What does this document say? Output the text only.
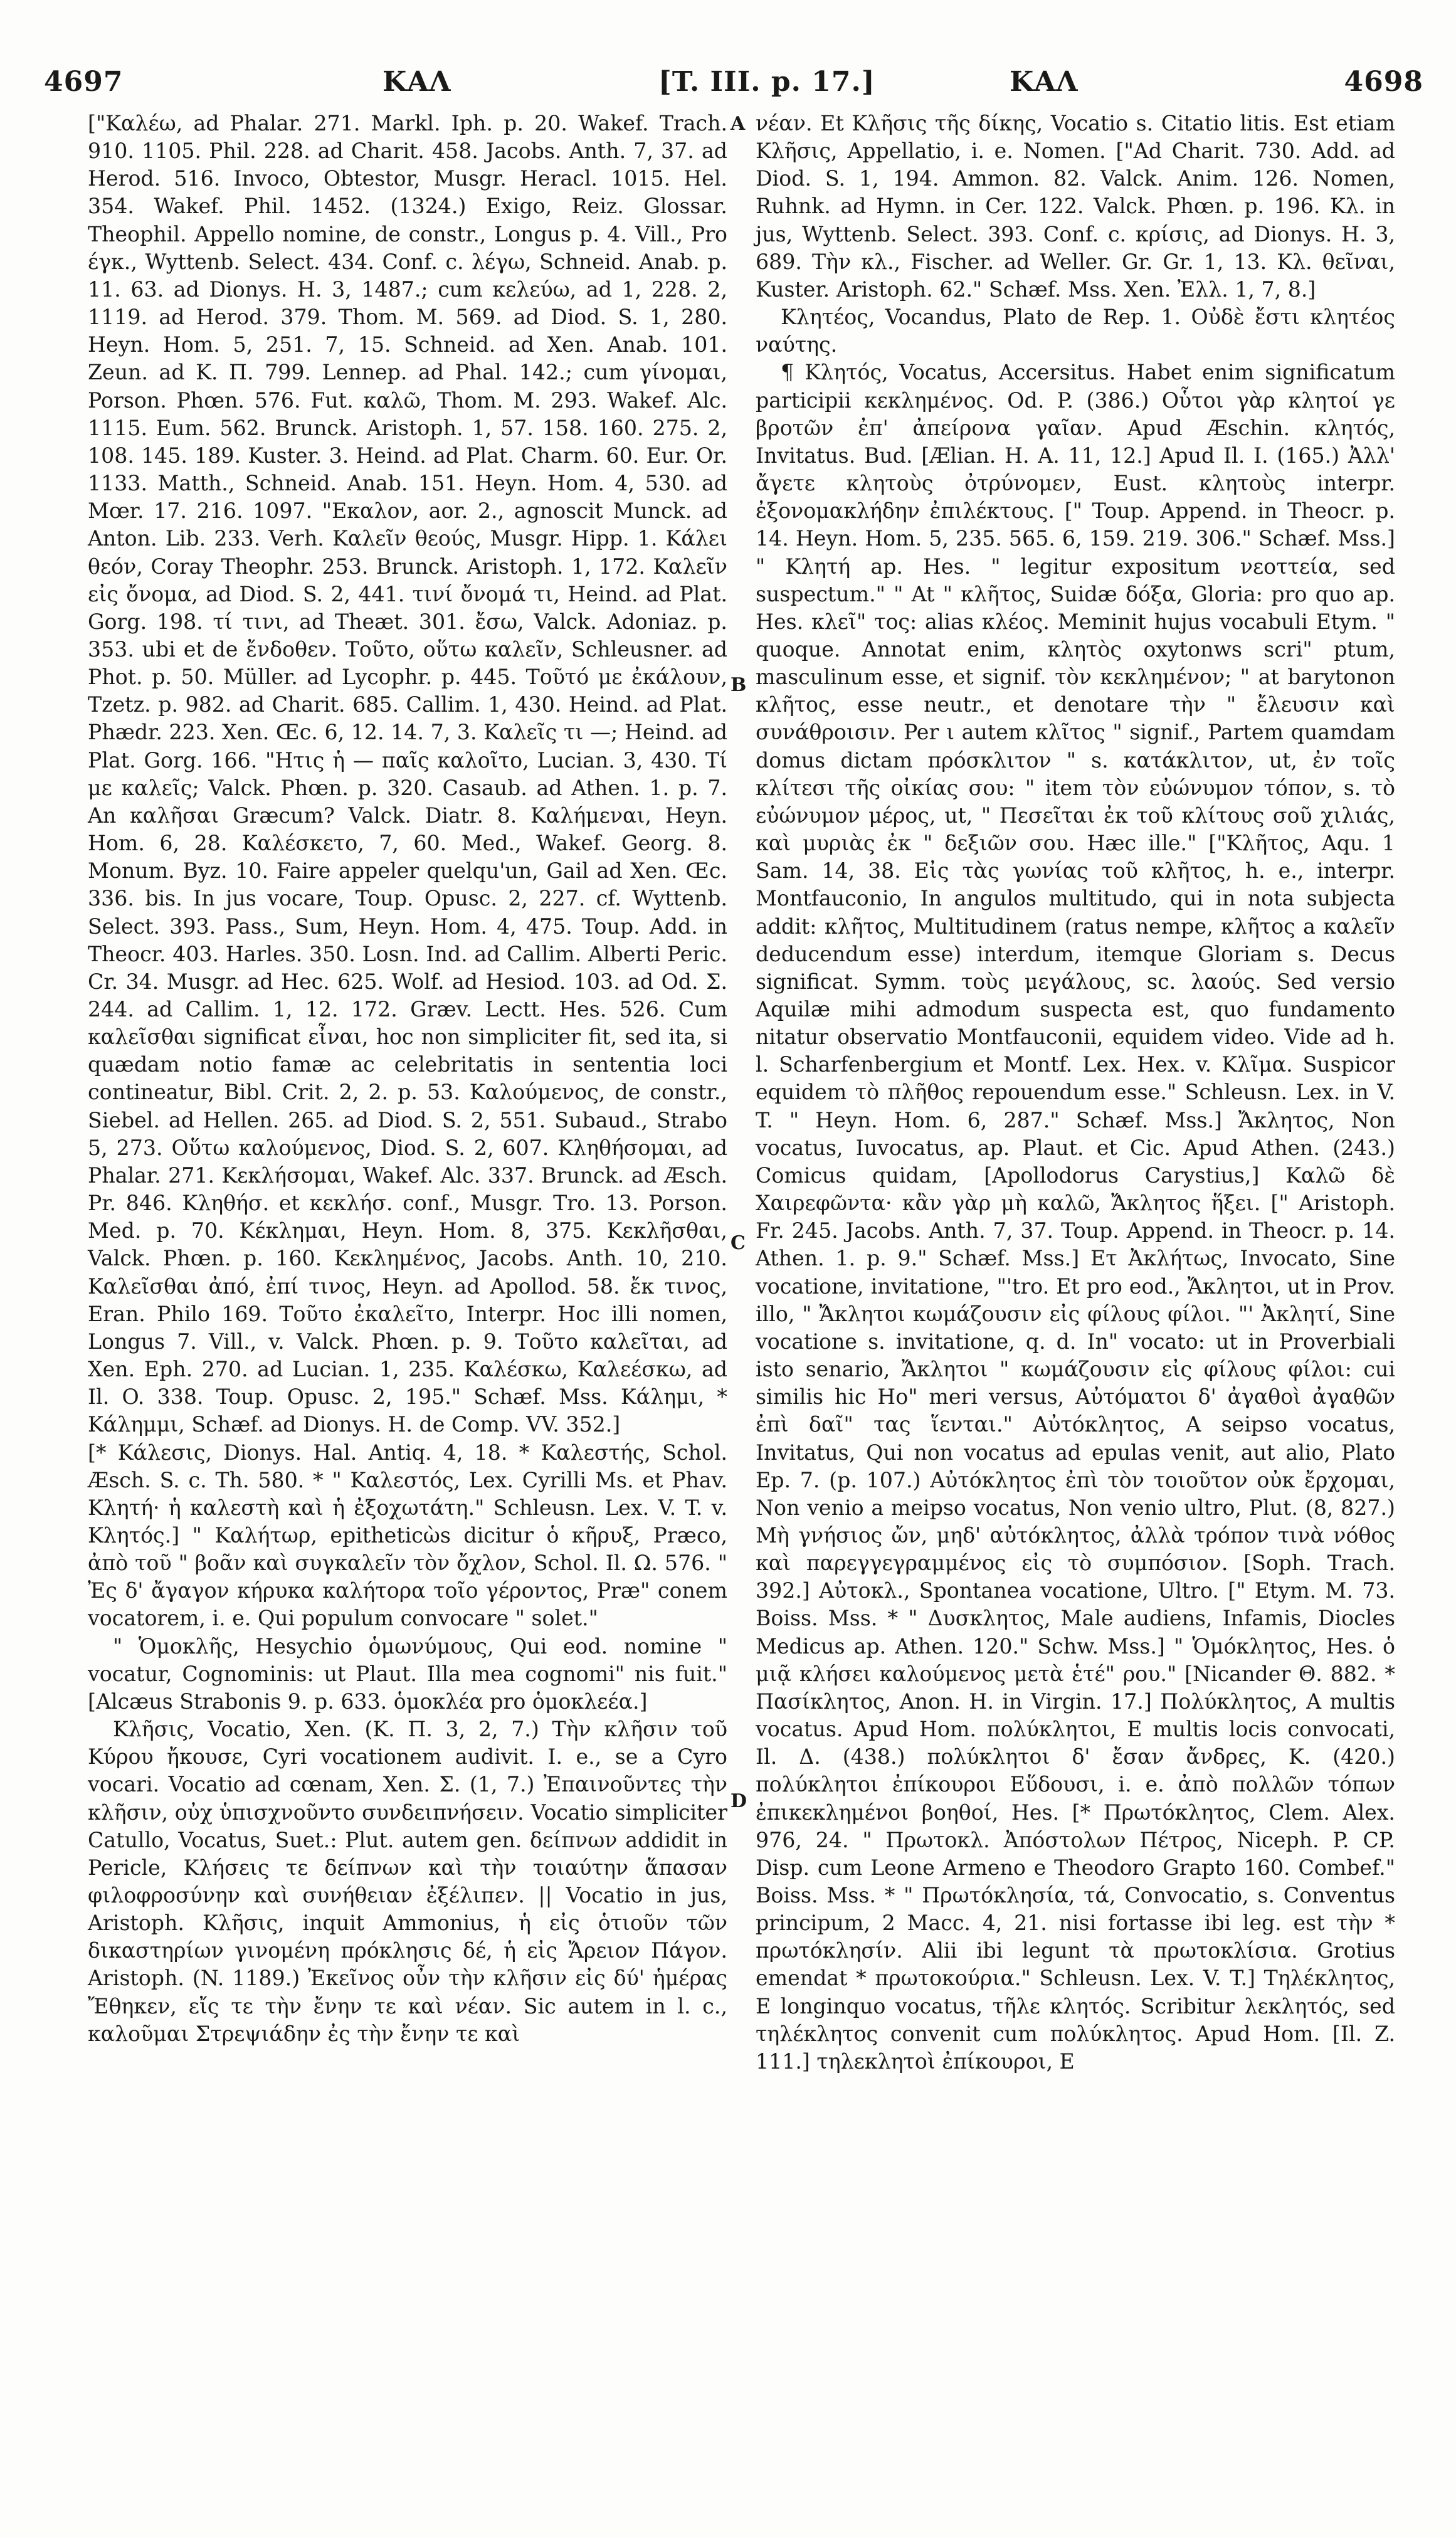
4697	ΚΑΛ	[T. III. p. 17.]	ΚΑΛ	4698
A
B
C
D

["Καλέω, ad Phalar. 271. Markl. Iph. p. 20. Wakef. Trach. 910. 1105. Phil. 228. ad Charit. 458. Jacobs. Anth. 7, 37. ad Herod. 516. Invoco, Obtestor, Musgr. Heracl. 1015. Hel. 354. Wakef. Phil. 1452. (1324.) Exigo, Reiz. Glossar. Theophil. Appello nomine, de constr., Longus p. 4. Vill., Pro έγκ., Wyttenb. Select. 434. Conf. c. λέγω, Schneid. Anab. p. 11. 63. ad Dionys. H. 3, 1487.; cum κελεύω, ad 1, 228. 2, 1119. ad Herod. 379. Thom. M. 569. ad Diod. S. 1, 280. Heyn. Hom. 5, 251. 7, 15. Schneid. ad Xen. Anab. 101. Zeun. ad K. Π. 799. Lennep. ad Phal. 142.; cum γίνομαι, Porson. Phœn. 576. Fut. καλῶ, Thom. M. 293. Wakef. Alc. 1115. Eum. 562. Brunck. Aristoph. 1, 57. 158. 160. 275. 2, 108. 145. 189. Kuster. 3. Heind. ad Plat. Charm. 60. Eur. Or. 1133. Matth., Schneid. Anab. 151. Heyn. Hom. 4, 530. ad Mœr. 17. 216. 1097. "Εκαλον, aor. 2., agnoscit Munck. ad Anton. Lib. 233. Verh. Καλεῖν θεούς, Musgr. Hipp. 1. Κάλει θεόν, Coray Theophr. 253. Brunck. Aristoph. 1, 172. Καλεῖν εἰς ὄνομα, ad Diod. S. 2, 441. τινί ὄνομά τι, Heind. ad Plat. Gorg. 198. τί τινι, ad Theæt. 301. ἔσω, Valck. Adoniaz. p. 353. ubi et de ἔνδοθεν. Τοῦτο, οὕτω καλεῖν, Schleusner. ad Phot. p. 50. Müller. ad Lycophr. p. 445. Τοῦτό με ἐκάλουν, Tzetz. p. 982. ad Charit. 685. Callim. 1, 430. Heind. ad Plat. Phædr. 223. Xen. Œc. 6, 12. 14. 7, 3. Καλεῖς τι —; Heind. ad Plat. Gorg. 166. "Ητις ἡ — παῖς καλοῖτο, Lucian. 3, 430. Τί με καλεῖς; Valck. Phœn. p. 320. Casaub. ad Athen. 1. p. 7. An καλῆσαι Græcum? Valck. Diatr. 8. Καλήμεναι, Heyn. Hom. 6, 28. Καλέσκετο, 7, 60. Med., Wakef. Georg. 8. Monum. Byz. 10. Faire appeler quelqu'un, Gail ad Xen. Œc. 336. bis. In jus vocare, Toup. Opusc. 2, 227. cf. Wyttenb. Select. 393. Pass., Sum, Heyn. Hom. 4, 475. Toup. Add. in Theocr. 403. Harles. 350. Losn. Ind. ad Callim. Alberti Peric. Cr. 34. Musgr. ad Hec. 625. Wolf. ad Hesiod. 103. ad Od. Σ. 244. ad Callim. 1, 12. 172. Græv. Lectt. Hes. 526. Cum καλεῖσθαι significat εἶναι, hoc non simpliciter fit, sed ita, si quædam notio famæ ac celebritatis in sententia loci contineatur, Bibl. Crit. 2, 2. p. 53. Καλούμενος, de constr., Siebel. ad Hellen. 265. ad Diod. S. 2, 551. Subaud., Strabo 5, 273. Οὕτω καλούμενος, Diod. S. 2, 607. Κληθήσομαι, ad Phalar. 271. Κεκλήσομαι, Wakef. Alc. 337. Brunck. ad Æsch. Pr. 846. Κληθήσ. et κεκλήσ. conf., Musgr. Tro. 13. Porson. Med. p. 70. Κέκλημαι, Heyn. Hom. 8, 375. Κεκλῆσθαι, Valck. Phœn. p. 160. Κεκλημένος, Jacobs. Anth. 10, 210. Καλεῖσθαι ἀπό, ἐπί τινος, Heyn. ad Apollod. 58. ἔκ τινος, Eran. Philo 169. Τοῦτο ἐκαλεῖτο, Interpr. Hoc illi nomen, Longus 7. Vill., v. Valck. Phœn. p. 9. Τοῦτο καλεῖται, ad Xen. Eph. 270. ad Lucian. 1, 235. Καλέσκω, Καλεέσκω, ad Il. O. 338. Toup. Opusc. 2, 195." Schæf. Mss. Κάλημι, * Κάλημμι, Schæf. ad Dionys. H. de Comp. VV. 352.]

[* Κάλεσις, Dionys. Hal. Antiq. 4, 18. * Καλεστής, Schol. Æsch. S. c. Th. 580. * " Καλεστός, Lex. Cyrilli Ms. et Phav. Κλητή· ἡ καλεστὴ καὶ ἡ ἐξοχωτάτη." Schleusn. Lex. V. T. v. Κλητός.] " Καλήτωρ, epitheticὼs dicitur ὁ κῆρυξ, Præco, ἀπὸ τοῦ " βοᾶν καὶ συγκαλεῖν τὸν ὄχλον, Schol. Il. Ω. 576. " Ἐς δ' ἄγαγον κήρυκα καλήτορα τοῖο γέροντος, Præ" conem vocatorem, i. e. Qui populum convocare " solet."

" Ὁμοκλῆς, Hesychio ὁμωνύμους, Qui eod. nomine " vocatur, Cognominis: ut Plaut. Illa mea cognomi" nis fuit." [Alcæus Strabonis 9. p. 633. ὁμοκλέα pro ὁμοκλεέα.]

Κλῆσις, Vocatio, Xen. (K. Π. 3, 2, 7.) Τὴν κλῆσιν τοῦ Κύρου ἤκουσε, Cyri vocationem audivit. I. e., se a Cyro vocari. Vocatio ad cœnam, Xen. Σ. (1, 7.) Ἐπαινοῦντες τὴν κλῆσιν, οὐχ ὑπισχνοῦντο συνδειπνήσειν. Vocatio simpliciter Catullo, Vocatus, Suet.: Plut. autem gen. δείπνων addidit in Pericle, Κλήσεις τε δείπνων καὶ τὴν τοιαύτην ἅπασαν φιλοφροσύνην καὶ συνήθειαν ἐξέλιπεν. || Vocatio in jus, Aristoph. Κλῆσις, inquit Ammonius, ἡ εἰς ὁτιοῦν τῶν δικαστηρίων γινομένη πρόκλησις δέ, ἡ εἰς Ἄρειον Πάγον. Aristoph. (N. 1189.) Ἐκεῖνος οὖν τὴν κλῆσιν εἰς δύ' ἡμέρας Ἔθηκεν, εἴς τε τὴν ἔνην τε καὶ νέαν. Sic autem in l. c., καλοῦμαι Στρεψιάδην ἐς τὴν ἔνην τε καὶ

νέαν. Et Κλῆσις τῆς δίκης, Vocatio s. Citatio litis. Est etiam Κλῆσις, Appellatio, i. e. Nomen. ["Ad Charit. 730. Add. ad Diod. S. 1, 194. Ammon. 82. Valck. Anim. 126. Nomen, Ruhnk. ad Hymn. in Cer. 122. Valck. Phœn. p. 196. Κλ. in jus, Wyttenb. Select. 393. Conf. c. κρίσις, ad Dionys. H. 3, 689. Τὴν κλ., Fischer. ad Weller. Gr. Gr. 1, 13. Κλ. θεῖναι, Kuster. Aristoph. 62." Schæf. Mss. Xen. Ἐλλ. 1, 7, 8.]

Κλητέος, Vocandus, Plato de Rep. 1. Οὐδὲ ἔστι κλητέος ναύτης.

¶ Κλητός, Vocatus, Accersitus. Habet enim significatum participii κεκλημένος. Od. P. (386.) Οὗτοι γὰρ κλητοί γε βροτῶν ἐπ' ἀπείρονα γαῖαν. Apud Æschin. κλητός, Invitatus. Bud. [Ælian. H. A. 11, 12.] Apud Il. I. (165.) Ἀλλ' ἄγετε κλητοὺς ὀτρύνομεν, Eust. κλητοὺς interpr. ἐξονομακλήδην ἐπιλέκτους. [" Toup. Append. in Theocr. p. 14. Heyn. Hom. 5, 235. 565. 6, 159. 219. 306." Schæf. Mss.] " Κλητή ap. Hes. " legitur expositum νεοττεία, sed suspectum." " At " κλῆτος, Suidæ δόξα, Gloria: pro quo ap. Hes. κλεῖ" τος: alias κλέος. Meminit hujus vocabuli Etym. " quoque. Annotat enim, κλητὸς oxytonws scri" ptum, masculinum esse, et signif. τὸν κεκλημένον; " at barytonon κλῆτος, esse neutr., et denotare τὴν " ἔλευσιν καὶ συνάθροισιν. Per ι autem κλῖτος " signif., Partem quamdam domus dictam πρόσκλιτον " s. κατάκλιτον, ut, ἐν τοῖς κλίτεσι τῆς οἰκίας σου: " item τὸν εὐώνυμον τόπον, s. τὸ εὐώνυμον μέρος, ut, " Πεσεῖται ἐκ τοῦ κλίτους σοῦ χιλιάς, καὶ μυριὰς ἐκ " δεξιῶν σου. Hæc ille." ["Κλῆτος, Aqu. 1 Sam. 14, 38. Εἰς τὰς γωνίας τοῦ κλῆτος, h. e., interpr. Montfauconio, In angulos multitudo, qui in nota subjecta addit: κλῆτος, Multitudinem (ratus nempe, κλῆτος a καλεῖν deducendum esse) interdum, itemque Gloriam s. Decus significat. Symm. τοὺς μεγάλους, sc. λαούς. Sed versio Aquilæ mihi admodum suspecta est, quo fundamento nitatur observatio Montfauconii, equidem video. Vide ad h. l. Scharfenbergium et Montf. Lex. Hex. v. Κλῖμα. Suspicor equidem τὸ πλῆθος repouendum esse." Schleusn. Lex. in V. T. " Heyn. Hom. 6, 287." Schæf. Mss.] Ἄκλητος, Non vocatus, Iuvocatus, ap. Plaut. et Cic. Apud Athen. (243.) Comicus quidam, [Apollodorus Carystius,] Καλῶ δὲ Χαιρεφῶντα· κἂν γὰρ μὴ καλῶ, Ἄκλητος ἥξει. [" Aristoph. Fr. 245. Jacobs. Anth. 7, 37. Toup. Append. in Theocr. p. 14. Athen. 1. p. 9." Schæf. Mss.] Ετ Ἀκλήτως, Invocato, Sine vocatione, invitatione, "'tro. Et pro eod., Ἄκλητοι, ut in Prov. illo, " Ἄκλητοι κωμάζουσιν εἰς φίλους φίλοι. "' Ἀκλητί, Sine vocatione s. invitatione, q. d. In" vocato: ut in Proverbiali isto senario, Ἄκλητοι " κωμάζουσιν εἰς φίλους φίλοι: cui similis hic Ho" meri versus, Αὐτόματοι δ' ἀγαθοὶ ἀγαθῶν ἐπὶ δαῖ" τας ἵενται." Αὐτόκλητος, A seipso vocatus, Invitatus, Qui non vocatus ad epulas venit, aut alio, Plato Ep. 7. (p. 107.) Αὐτόκλητος ἐπὶ τὸν τοιοῦτον οὐκ ἔρχομαι, Non venio a meipso vocatus, Non venio ultro, Plut. (8, 827.) Μὴ γνήσιος ὤν, μηδ' αὐτόκλητος, ἀλλὰ τρόπον τινὰ νόθος καὶ παρεγγεγραμμένος εἰς τὸ συμπόσιον. [Soph. Trach. 392.] Αὐτοκλ., Spontanea vocatione, Ultro. [" Etym. M. 73. Boiss. Mss. * " Δυσκλητος, Male audiens, Infamis, Diocles Medicus ap. Athen. 120." Schw. Mss.] " Ὁμόκλητος, Hes. ὁ μιᾷ κλήσει καλούμενος μετὰ ἑτέ" ρου." [Nicander Θ. 882. * Πασίκλητος, Anon. H. in Virgin. 17.] Πολύκλητος, A multis vocatus. Apud Hom. πολύκλητοι, E multis locis convocati, Il. Δ. (438.) πολύκλητοι δ' ἔσαν ἄνδρες, K. (420.) πολύκλητοι ἐπίκουροι Εὕδουσι, i. e. ἀπὸ πολλῶν τόπων ἐπικεκλημένοι βοηθοί, Hes. [* Πρωτόκλητος, Clem. Alex. 976, 24. " Πρωτοκλ. Ἀπόστολων Πέτρος, Niceph. P. CP. Disp. cum Leone Armeno e Theodoro Grapto 160. Combef." Boiss. Mss. * " Πρωτόκλησία, τά, Convocatio, s. Conventus principum, 2 Macc. 4, 21. nisi fortasse ibi leg. est τὴν * πρωτόκλησίν. Alii ibi legunt τὰ πρωτοκλίσια. Grotius emendat * πρωτοκούρια." Schleusn. Lex. V. T.] Τηλέκλητος, E longinquo vocatus, τῆλε κλητός. Scribitur λεκλητός, sed τηλέκλητος convenit cum πολύκλητος. Apud Hom. [Il. Z. 111.] τηλεκλητοὶ ἐπίκουροι, E
